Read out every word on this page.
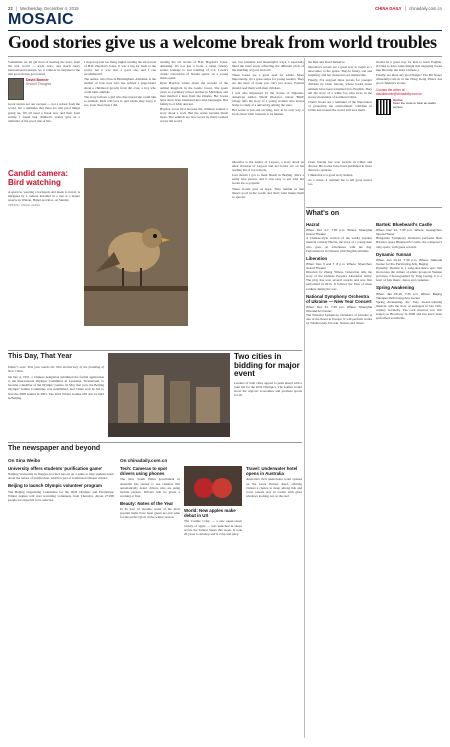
22 | Wednesday, December 4, 2019	CHINA DAILY | chinadaily.com.cn
MOSAIC
Good stories give us a welcome break from world troubles

Sometimes we all get tired of hearing the news from the real world — trade wars, and much nasty international tensions. So, it came as no surprise to me that good stories get noticed.

David Bonner
Second Thoughts

Great stories are our escapes — not a retreat from the world, but a reminder that there are still good things going on. We all need a break now and then from reality. I found that children's stories give us a reminder of the good side of life.

Candid camera: Bird watching
A sparrow, wearing a backpack and made to travel, is intrigued by a camera installed in a tree at a nature reserve in Wuhan, Hubei province, on Sunday.
XINHUA / VISUAL CHINA

I stayed up late too many nights reading the six novels of H.R. Haydon's Jonas. It was a trip far back to the world, but it was also a good one, and I can recommend it.

The author, who lives in Birmingham, Alabama, is the mother of four sons who has written a page-turner about a childhood growth from dirt over, a boy who could tame animals.

The story follows a girl who discovered she could talk to animals. Kids will love it, and adults may enjoy it too, even more than I did.

reading the six novels of H.R. Haydon's Jonas. Amazing. It's not just a book, a better fantasy series: homage to and retelling of C.S. Lewis's classic Chronicles of Narnia series, on a young man's quest.

Ryan Haydon writes about the wonder of the animal kingdom in the Gaelic forest. She spent years as a primary school teacher in Michigan, and then married a man from the Ozarks. Her books have since been translated into nine languages. Her family is of Irish descent.

Haydon wrote first because the children wanted a story about a wolf. But the series became much more. The animals are now loved by many readers across the world.

out, but relatable and meaningful ways. I especially liked the brief essay reflecting the different plots of the standing of good and evil.

These books are a great read for adults. More importantly, it's a great series for young readers. They are the kind of book you can't put down. Parents should read them with their children.

I was also impressed by the stories of Nigerian-American author, Nnedi Okorafor, whose 'Binti' trilogy tells the story of a young woman who leaves home to study at a university among the stars.

Her series is fun and exciting, and, in its own way, a book about what it means to be human.

the Belt and Road Initiative.

Okorafor's novels are a great way to begin as a newcomer to the genre. They're funny, sad and inspiring, and her characters are memorable.

Finally, I've enjoyed three novels for younger children by Chen Jiatong, whose books about animals have been translated into English. They tell the story of a white fox who lives in the snowy mountains of northeast China.

Chen's books are a reminder of the importance of protecting the environment. Children in China and around the world will love them.

should be a great way for kids to learn English. (I'd like to have some insight that engaging books like this help me learn Chinese.)

Finally, are there any good things? The Bit Nosey chinadaily.com.cn at the Hong Kong Palace has good children's stories.

Contact the writer at davidbonner@chinadaily.com.cn
Online
Scan the code to hear an audio version

Okorafor is the author of Lagoon, a story about an alien invasion of Lagoon and her books are on the reading list of top schools.

Last month I got to meet Nnedi in Beijing. She's a really nice person, and it was easy to see why her books are so popular.

These stories give us hope. They remind us that there's good in the world, and that's what makes them so special.

Chen Jiatong has won awards in China and abroad. His books have been published in more than ten countries.

I think that is a good story indeed.

As a writer, it reminds me to tell good stories too.

What's on
Hazrat
When: Dec 4-7, 7:30 p.m. Where: Shanghai Grand Theater
A Chinese-style version of the wildly popular musical comedy Hazrat, the story of a young man who goes on adventures with his dog. Performances in Chinese with English subtitles.
Liberation
When: Dec 3 and 7, 8 p.m. Where: Shenzhen Grand Theater
Directed by Zhang Yimou, Liberation tells the story of the Chinese People's Liberation Army. The play has won several awards and was first performed in 2015. It follows the lives of three soldiers during the war.
National Symphony Orchestra of Ukraine — New Year Concert
When: Dec 31, 7:30 p.m. Where: Shanghai Oriental Art Center
The National Symphony Orchestra of Ukraine is one of the finest in Europe. It will perform works by Tchaikovsky, Dvorak, Strauss and others.
Bartok: Bluebeard's Castle
When: Dec 24, 7:30 p.m. Where: Guangzhou Opera House
Hungarian Symphony Orchestra performs Bela Bartok's opera Bluebeard's Castle, the composer's only opera, with guest soloists.
Dynamic Yunnan
When: Jan 10-12, 7:30 p.m. Where: National Center for the Performing Arts, Beijing
Dynamic Yunnan is a song-and-dance epic that showcases the culture of ethnic groups in Yunnan province. Choreographed by Yang Liping, it is a feast of folk music, dance and costumes.
Spring Awakening
When: Jan 15-19, 7:30 p.m. Where: Beijing Tianqiao Performing Arts Center
Spring Awakening, the Tony Award-winning musical, tells the story of teenagers in late 19th-century Germany. The rock musical was first staged on Broadway in 2006 and has since been performed worldwide.
This Day, That Year
Editor's note: This year marks the 70th anniversary of the founding of New China.
On Dec 4, 1951, a Chinese delegation submitted the formal application to the International Olympic Committee in Lausanne, Switzerland, to become a member of the Olympic Games. In May that year, the Beijing Olympic Games Committee was established, and China won its bid to host the 2008 Games in 2001. The 2022 Winter Games will also be held in Beijing.
Two cities in bidding for major event
Leaders of both cities agreed to push ahead with a joint bid for the 2032 Olympics. The Games would boost the regions' economies and promote sports for all.
The newspaper and beyond
On Sina Weibo	On chinadaily.com.cn
University offers students 'purification game'
Nanjing University in Jiangsu province has set up a game to help students learn about the nature of purification, which is part of traditional Chinese culture.
Beijing to launch Olympic volunteer program
The Beijing Organising Committee for the 2022 Olympic and Paralympic Winter Games will start recruiting volunteers from Thursday. About 27,000 people are expected to be selected.
Tech: Cameras to spot drivers using phones
The New South Wales government in Australia has started to use cameras that automatically detect drivers who are using mobile phones. Drivers will be given a warning at first.
Beauty: Notes of the Year
In its past 12 months, some of the most popular items have been green tea and wine for the perfect glow of the winter season.
World: New apples make debut in US
The Cosmic Crisp — a new super-sweet variety of apple — was launched in shops across the United States this week. It took 20 years to develop and is crisp and juicy.
Travel: Underwater hotel opens in Australia
Australia's first underwater hotel opened on the Great Barrier Reef, offering visitors a chance to sleep among fish and coral. Guests stay in rooms with glass windows looking out on the reef.
